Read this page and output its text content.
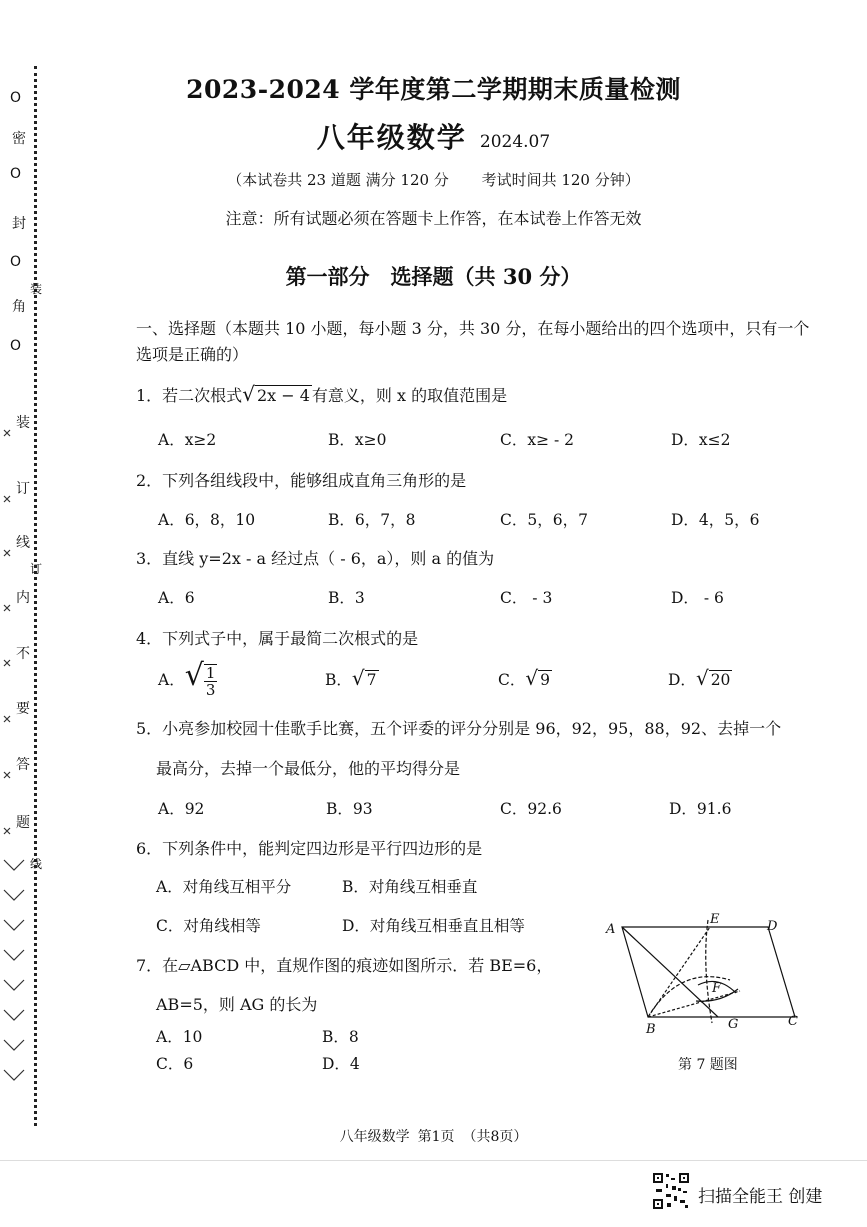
O
密
O
封
O
角
O
装
装
订
线
内
不
要
答
题
订
线
2023-2024 学年度第二学期期末质量检测
八年级数学 2024.07
（本试卷共 23 道题 满分 120 分 考试时间共 120 分钟）
注意：所有试题必须在答题卡上作答，在本试卷上作答无效
第一部分　选择题（共 30 分）
一、选择题（本题共 10 小题，每小题 3 分，共 30 分，在每小题给出的四个选项中，只有一个选项是正确的）
1．若二次根式√ 2x − 4 有意义，则 x 的取值范围是
A．x≥2	B．x≥0	C．x≥ - 2	D．x≤2
2．下列各组线段中，能够组成直角三角形的是
A．6，8，10	B．6，7，8	C．5，6，7	D．4，5，6
3．直线 y=2x - a 经过点（ - 6，a），则 a 的值为
A．6	B．3	C． - 3	D． - 6
4．下列式子中，属于最简二次根式的是
A．√ $\frac{1}{3}$	B．√ 7	C．√ 9	D．√ 20
5．小亮参加校园十佳歌手比赛，五个评委的评分分别是 96，92，95，88，92、去掉一个
最高分，去掉一个最低分，他的平均得分是
A．92	B．93	C．92.6	D．91.6
6．下列条件中，能判定四边形是平行四边形的是
A．对角线互相平分	B．对角线互相垂直
C．对角线相等	D．对角线互相垂直且相等
7．在▱ABCD 中，直规作图的痕迹如图所示．若 BE=6，
AB=5，则 AG 的长为
A．10	B．8
C．6	D．4
A
E	D
F
B	G	C
第 7 题图
八年级数学 第1页 （共8页）
扫描全能王 创建
